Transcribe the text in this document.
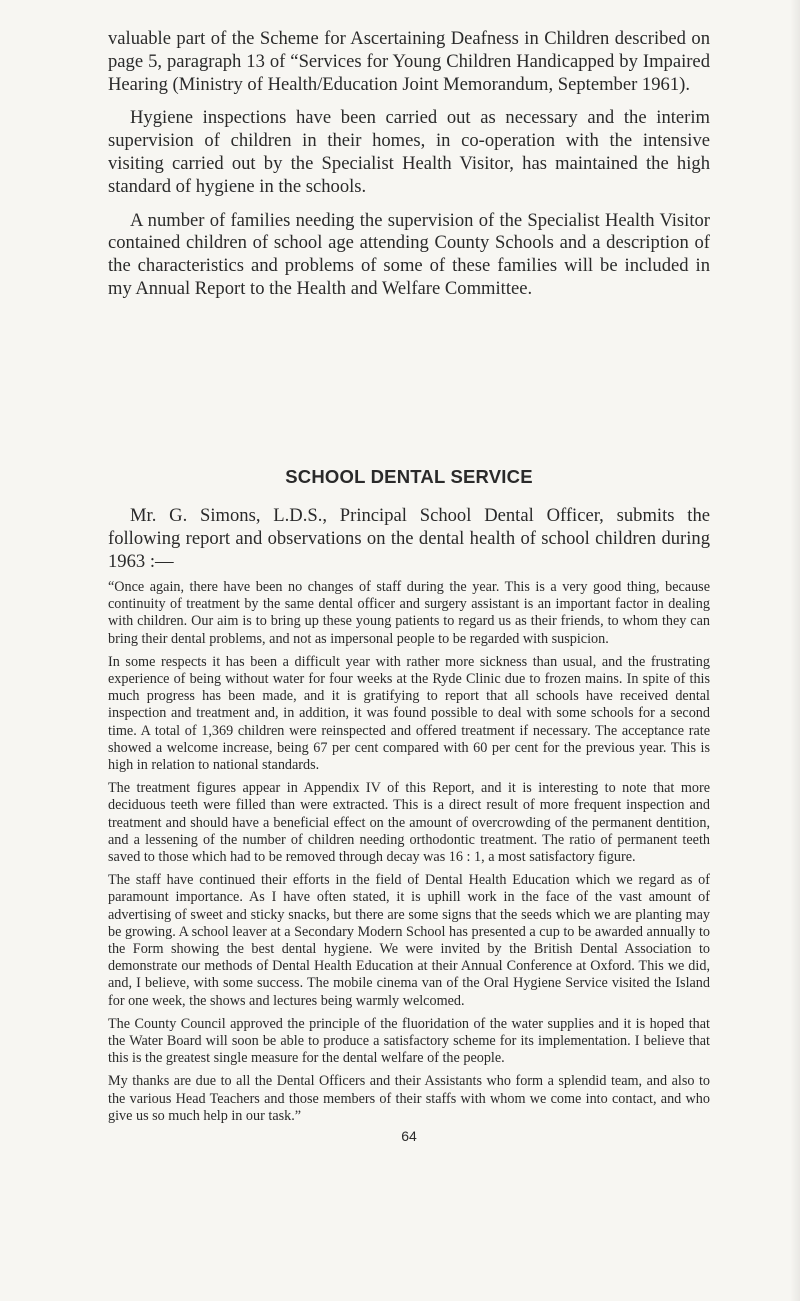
valuable part of the Scheme for Ascertaining Deafness in Children described on page 5, paragraph 13 of “Services for Young Children Handicapped by Impaired Hearing (Ministry of Health/Education Joint Memorandum, September 1961).

Hygiene inspections have been carried out as necessary and the interim supervision of children in their homes, in co-operation with the intensive visiting carried out by the Specialist Health Visitor, has maintained the high standard of hygiene in the schools.

A number of families needing the supervision of the Specialist Health Visitor contained children of school age attending County Schools and a description of the characteristics and problems of some of these families will be included in my Annual Report to the Health and Welfare Committee.

SCHOOL DENTAL SERVICE

Mr. G. Simons, L.D.S., Principal School Dental Officer, submits the following report and observations on the dental health of school children during 1963 :—

“Once again, there have been no changes of staff during the year. This is a very good thing, because continuity of treatment by the same dental officer and surgery assistant is an important factor in dealing with children. Our aim is to bring up these young patients to regard us as their friends, to whom they can bring their dental problems, and not as impersonal people to be regarded with suspicion.

In some respects it has been a difficult year with rather more sickness than usual, and the frustrating experience of being without water for four weeks at the Ryde Clinic due to frozen mains. In spite of this much progress has been made, and it is gratifying to report that all schools have received dental inspection and treatment and, in addition, it was found possible to deal with some schools for a second time. A total of 1,369 children were reinspected and offered treatment if necessary. The acceptance rate showed a welcome increase, being 67 per cent compared with 60 per cent for the previous year. This is high in relation to national standards.

The treatment figures appear in Appendix IV of this Report, and it is interesting to note that more deciduous teeth were filled than were extracted. This is a direct result of more frequent inspection and treatment and should have a beneficial effect on the amount of overcrowding of the permanent dentition, and a lessening of the number of children needing orthodontic treatment. The ratio of permanent teeth saved to those which had to be removed through decay was 16 : 1, a most satisfactory figure.

The staff have continued their efforts in the field of Dental Health Education which we regard as of paramount importance. As I have often stated, it is uphill work in the face of the vast amount of advertising of sweet and sticky snacks, but there are some signs that the seeds which we are planting may be growing. A school leaver at a Secondary Modern School has presented a cup to be awarded annually to the Form showing the best dental hygiene. We were invited by the British Dental Association to demonstrate our methods of Dental Health Education at their Annual Conference at Oxford. This we did, and, I believe, with some success. The mobile cinema van of the Oral Hygiene Service visited the Island for one week, the shows and lectures being warmly welcomed.

The County Council approved the principle of the fluoridation of the water supplies and it is hoped that the Water Board will soon be able to produce a satisfactory scheme for its implementation. I believe that this is the greatest single measure for the dental welfare of the people.

My thanks are due to all the Dental Officers and their Assistants who form a splendid team, and also to the various Head Teachers and those members of their staffs with whom we come into contact, and who give us so much help in our task.”

64
